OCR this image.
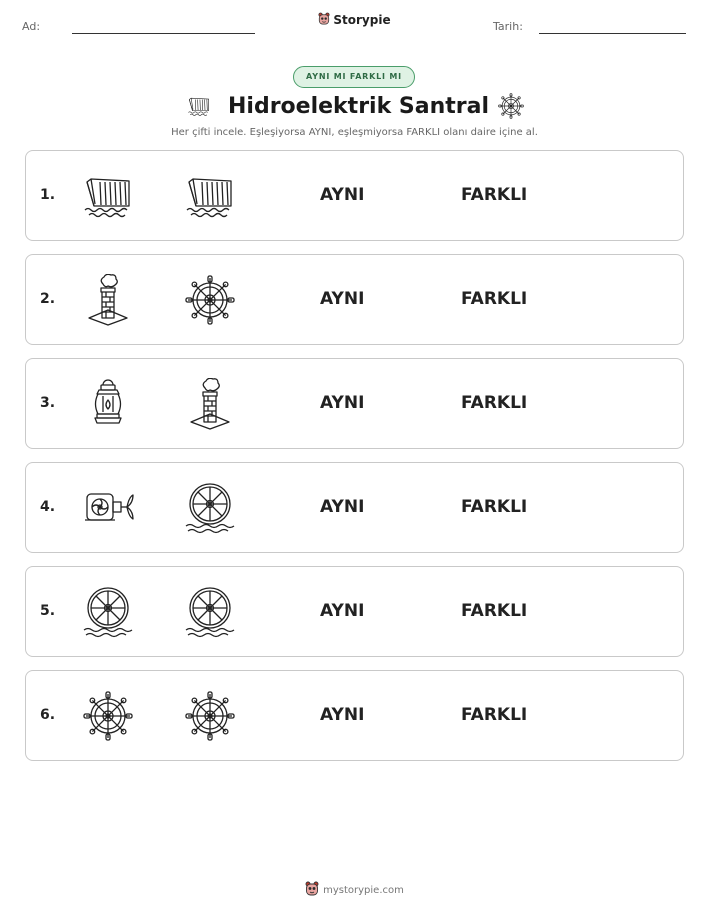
Ad:	Storypie	Tarih:
AYNI MI FARKLI MI
Hidroelektrik Santral
Her çifti incele. Eşleşiyorsa AYNI, eşleşmiyorsa FARKLI olanı daire içine al.
1.	AYNI	FARKLI
2.	AYNI	FARKLI
3.	AYNI	FARKLI
4.	AYNI	FARKLI
5.	AYNI	FARKLI
6.	AYNI	FARKLI
mystorypie.com
